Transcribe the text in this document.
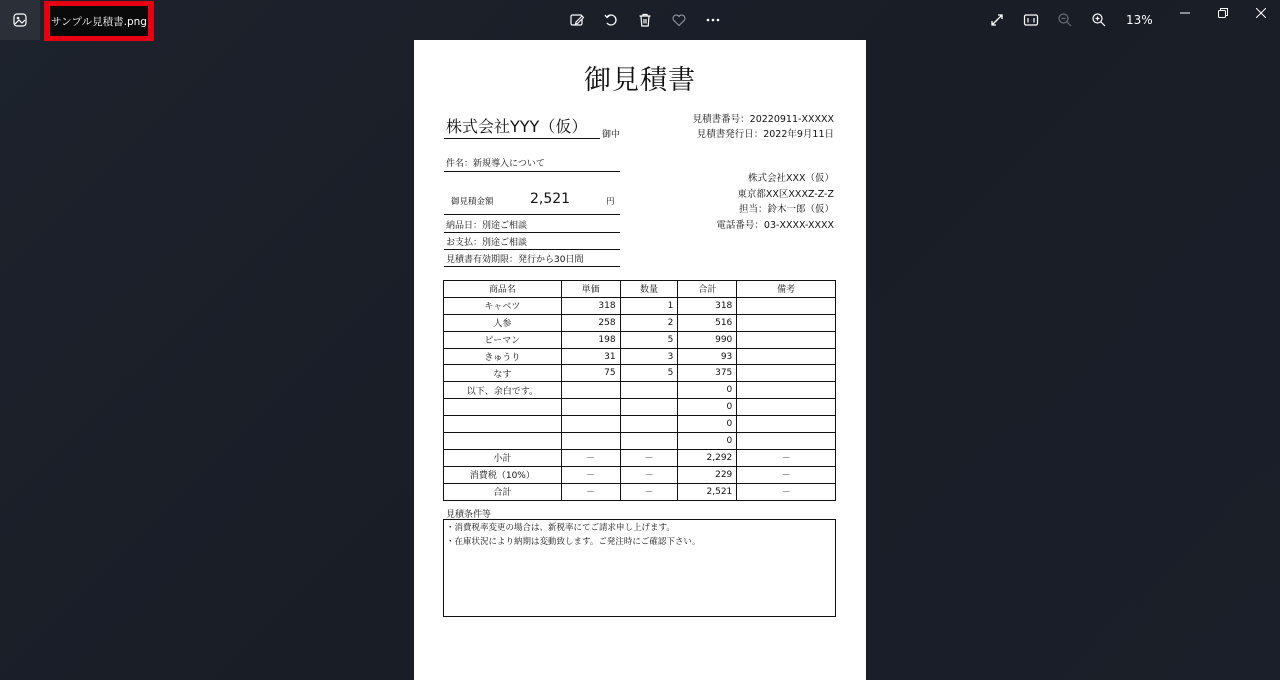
サンプル見積書.png	13%
御見積書
株式会社YYY（仮） 御中
見積書番号：20220911-XXXXX
見積書発行日：2022年9月11日
件名：新規導入について
御見積金額	2,521	円
納品日：別途ご相談
お支払：別途ご相談
見積書有効期限：発行から30日間
株式会社XXX（仮）
東京都XX区XXXZ-Z-Z
担当：鈴木一郎（仮）
電話番号：03-XXXX-XXXX
商品名	単価	数量	合計	備考
キャベツ	318	1	318	
人参	258	2	516	
ピーマン	198	5	990	
きゅうり	31	3	93	
なす	75	5	375	
以下、余白です。			0	
			0	
			0	
			0	
小計	－	－	2,292	－
消費税（10%）	－	－	229	－
合計	－	－	2,521	－
見積条件等
・消費税率変更の場合は、新税率にてご請求申し上げます。
・在庫状況により納期は変動致します。ご発注時にご確認下さい。
